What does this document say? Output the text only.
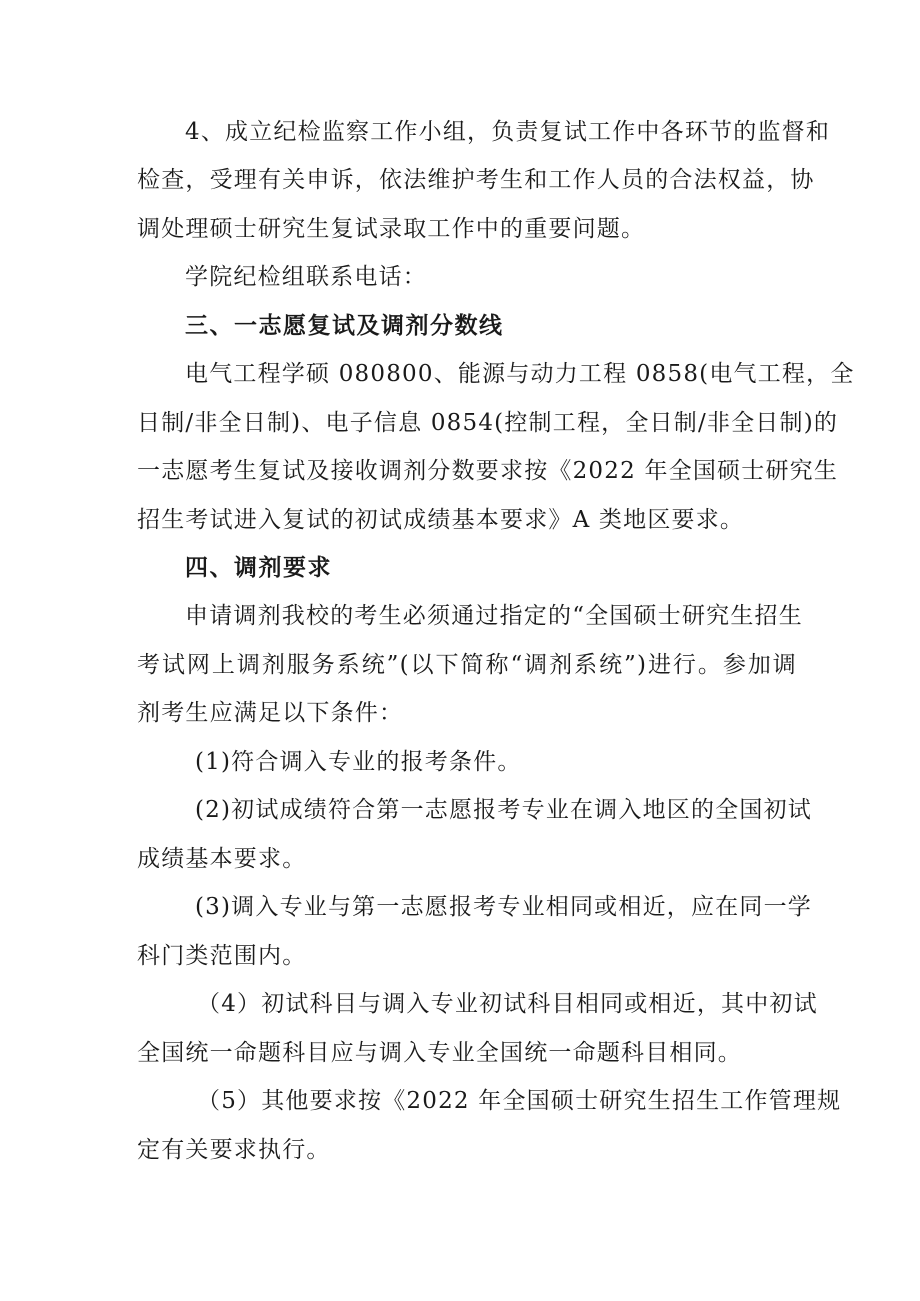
4、成立纪检监察工作小组，负责复试工作中各环节的监督和
检查，受理有关申诉，依法维护考生和工作人员的合法权益，协
调处理硕士研究生复试录取工作中的重要问题。
学院纪检组联系电话：
三、一志愿复试及调剂分数线
电气工程学硕 080800、能源与动力工程 0858(电气工程，全
日制/非全日制)、电子信息 0854(控制工程，全日制/非全日制)的
一志愿考生复试及接收调剂分数要求按《2022 年全国硕士研究生
招生考试进入复试的初试成绩基本要求》A 类地区要求。
四、调剂要求
申请调剂我校的考生必须通过指定的“全国硕士研究生招生
考试网上调剂服务系统”(以下简称“调剂系统”)进行。参加调
剂考生应满足以下条件：
(1)符合调入专业的报考条件。
(2)初试成绩符合第一志愿报考专业在调入地区的全国初试
成绩基本要求。
(3)调入专业与第一志愿报考专业相同或相近，应在同一学
科门类范围内。
（4）初试科目与调入专业初试科目相同或相近，其中初试
全国统一命题科目应与调入专业全国统一命题科目相同。
（5）其他要求按《2022 年全国硕士研究生招生工作管理规
定有关要求执行。
